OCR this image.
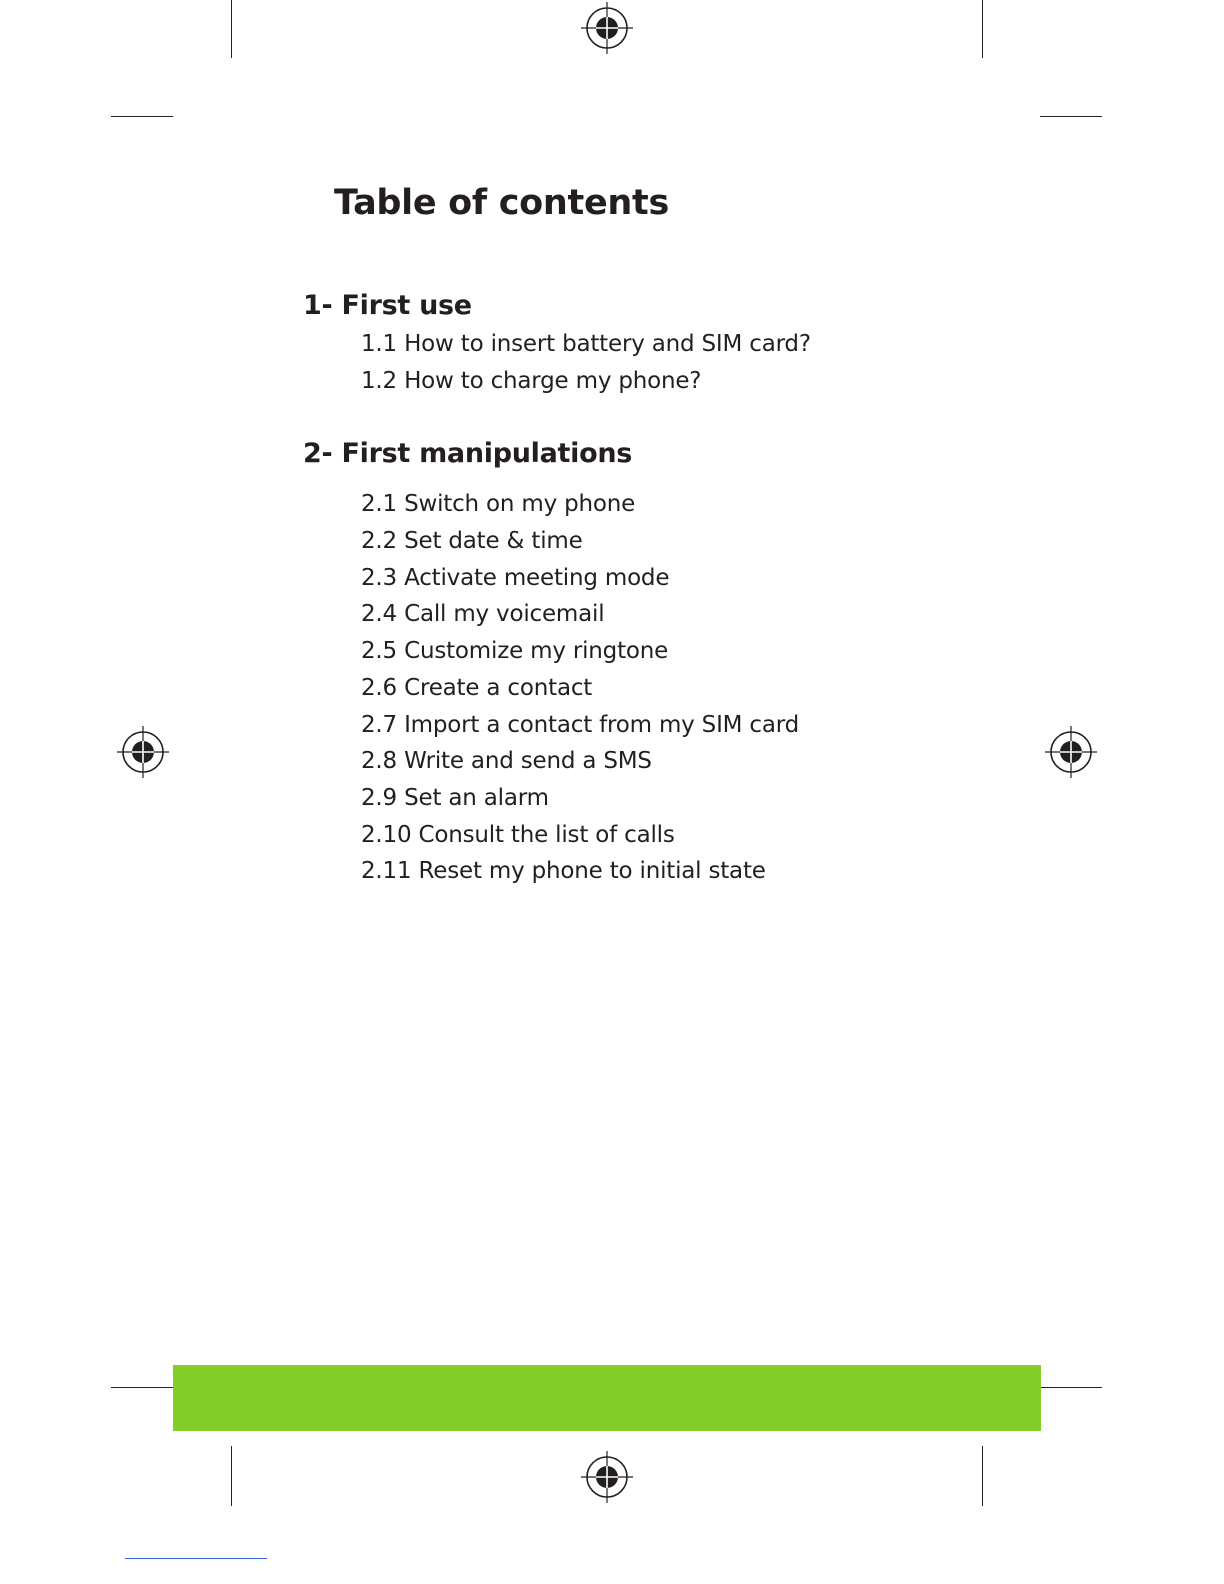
Table of contents
1- First use
1.1 How to insert battery and SIM card?
1.2 How to charge my phone?
2- First manipulations
2.1 Switch on my phone
2.2 Set date & time
2.3 Activate meeting mode
2.4 Call my voicemail
2.5 Customize my ringtone
2.6 Create a contact
2.7 Import a contact from my SIM card
2.8 Write and send a SMS
2.9 Set an alarm
2.10 Consult the list of calls
2.11 Reset my phone to initial state
